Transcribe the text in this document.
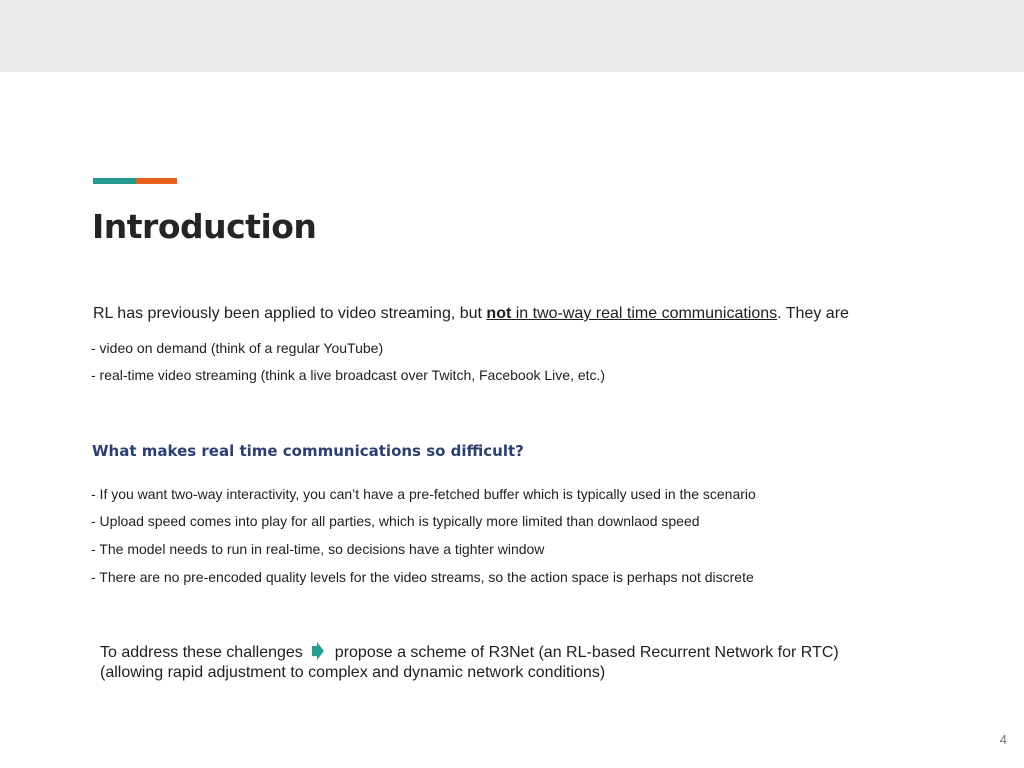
Introduction
RL has previously been applied to video streaming, but not in two-way real time communications. They are
- video on demand (think of a regular YouTube)
- real-time video streaming (think a live broadcast over Twitch, Facebook Live, etc.)
What makes real time communications so difficult?
- If you want two-way interactivity, you can’t have a pre-fetched buffer which is typically used in the scenario
- Upload speed comes into play for all parties, which is typically more limited than downlaod speed
- The model needs to run in real-time, so decisions have a tighter window
- There are no pre-encoded quality levels for the video streams, so the action space is perhaps not discrete
To address these challenges propose a scheme of R3Net (an RL-based Recurrent Network for RTC)
(allowing rapid adjustment to complex and dynamic network conditions)
4
